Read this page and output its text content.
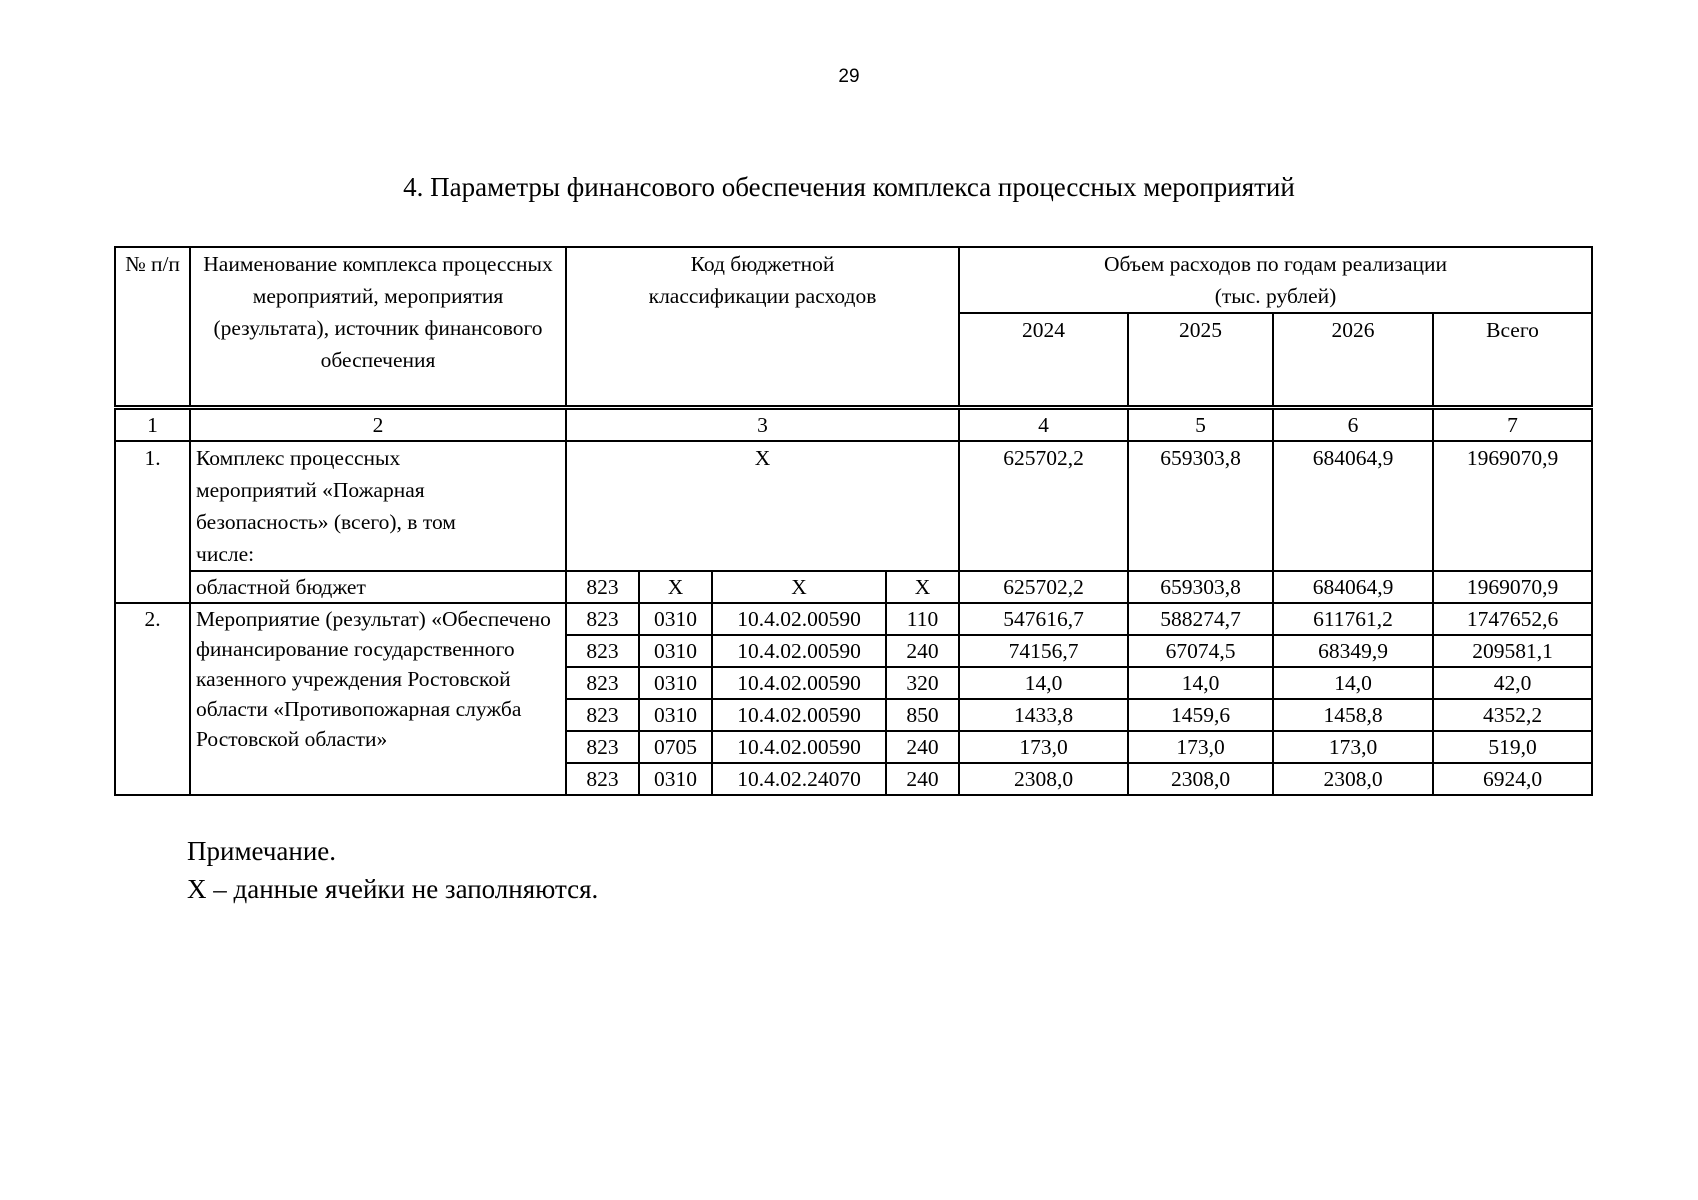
29
4. Параметры финансового обеспечения комплекса процессных мероприятий
№ п/п	Наименование комплекса процессных мероприятий, мероприятия (результата), источник финансового обеспечения	Код бюджетной классификации расходов				Объем расходов по годам реализации (тыс. рублей)			
						2024	2025	2026	Всего
1	2	3				4	5	6	7
1.	Комплекс процессных мероприятий «Пожарная безопасность» (всего), в том числе:	X				625702,2	659303,8	684064,9	1969070,9
	областной бюджет	823	X	X	X	625702,2	659303,8	684064,9	1969070,9
2.	Мероприятие (результат) «Обеспечено финансирование государственного казенного учреждения Ростовской области «Противопожарная служба Ростовской области»	823	0310	10.4.02.00590	110	547616,7	588274,7	611761,2	1747652,6
		823	0310	10.4.02.00590	240	74156,7	67074,5	68349,9	209581,1
		823	0310	10.4.02.00590	320	14,0	14,0	14,0	42,0
		823	0310	10.4.02.00590	850	1433,8	1459,6	1458,8	4352,2
		823	0705	10.4.02.00590	240	173,0	173,0	173,0	519,0
		823	0310	10.4.02.24070	240	2308,0	2308,0	2308,0	6924,0
Примечание.
X – данные ячейки не заполняются.
